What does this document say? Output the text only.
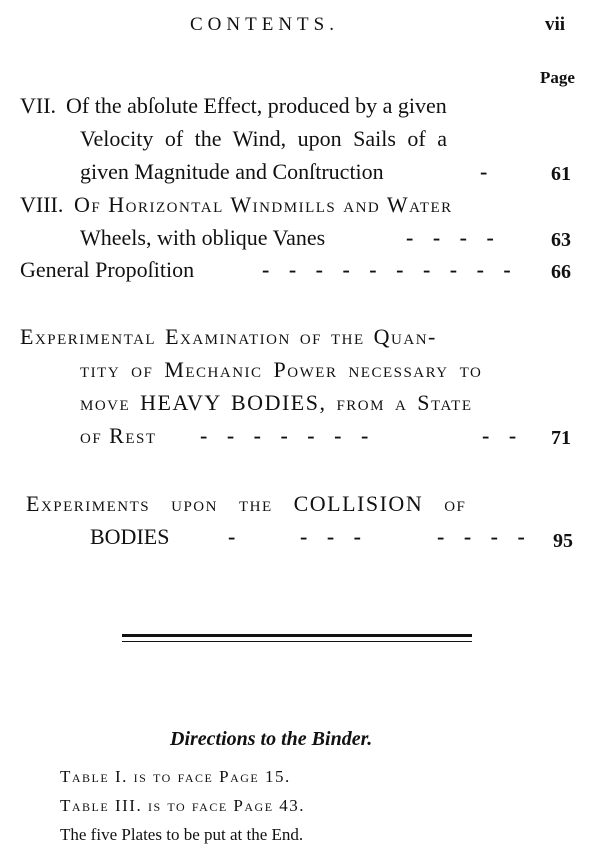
CONTENTS.	vii
Page
VII. Of the abſolute Effect, produced by a given
Velocity of the Wind, upon Sails of a
given Magnitude and Conſtruction	-	61
VIII. Of Horizontal Windmills and Water
Wheels, with oblique Vanes	- - - -	63
General Propoſition	- - - - - - - - - - 66
Experimental Examination of the Quan-
tity of Mechanic Power necessary to
move HEAVY BODIES, from a State
of Rest - - - - - - -	- - 71
Experiments upon the COLLISION of
BODIES	-	- - -	- - - - 95
Directions to the Binder.
Table I. is to face Page 15.
Table III. is to face Page 43.
The five Plates to be put at the End.
